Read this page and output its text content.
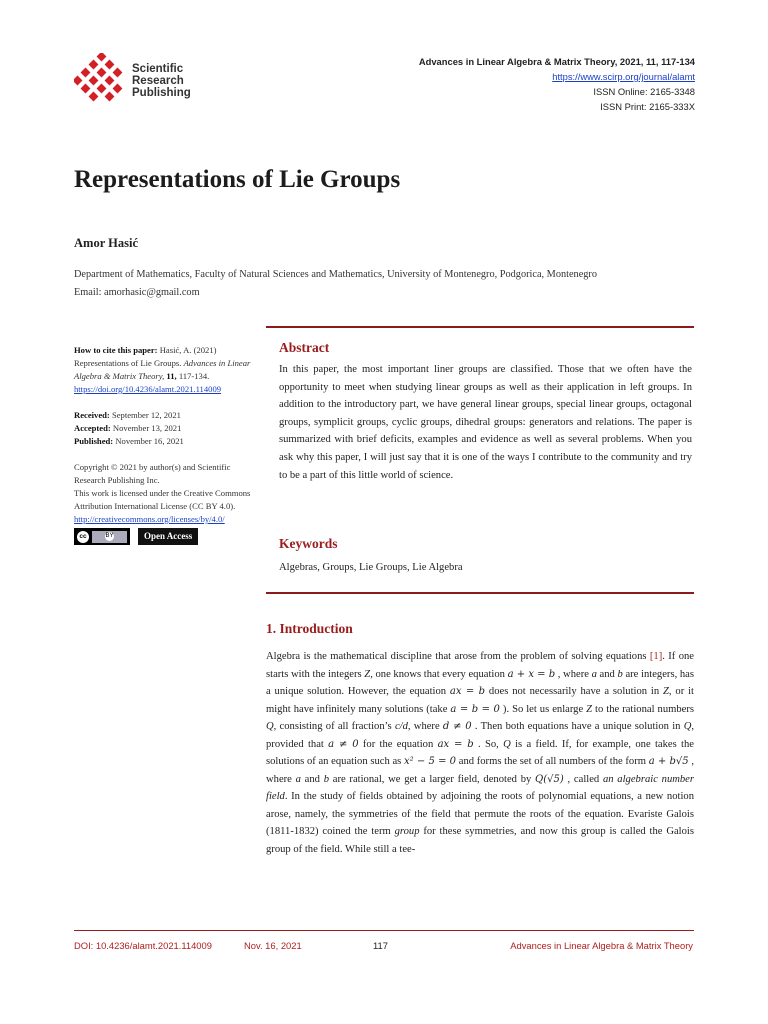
Scientific
Research
Publishing
Advances in Linear Algebra & Matrix Theory, 2021, 11, 117-134
https://www.scirp.org/journal/alamt
ISSN Online: 2165-3348
ISSN Print: 2165-333X
Representations of Lie Groups
Amor Hasić
Department of Mathematics, Faculty of Natural Sciences and Mathematics, University of Montenegro, Podgorica, Montenegro
Email: amorhasic@gmail.com
How to cite this paper: Hasić, A. (2021) Representations of Lie Groups. Advances in Linear Algebra & Matrix Theory, 11, 117-134.
https://doi.org/10.4236/alamt.2021.114009
Received: September 12, 2021
Accepted: November 13, 2021
Published: November 16, 2021
Copyright © 2021 by author(s) and Scientific Research Publishing Inc.
This work is licensed under the Creative Commons Attribution International License (CC BY 4.0).
http://creativecommons.org/licenses/by/4.0/
cc	BY	Open Access
Abstract
In this paper, the most important liner groups are classified. Those that we often have the opportunity to meet when studying linear groups as well as their application in left groups. In addition to the introductory part, we have general linear groups, special linear groups, octagonal groups, symplicit groups, cyclic groups, dihedral groups: generators and relations. The paper is summarized with brief deficits, examples and evidence as well as several problems. When you ask why this paper, I will just say that it is one of the ways I contribute to the community and try to be a part of this little world of science.
Keywords
Algebras, Groups, Lie Groups, Lie Algebra
1. Introduction

Algebra is the mathematical discipline that arose from the problem of solving equations [1]. If one starts with the integers Z, one knows that every equation a + x = b , where a and b are integers, has a unique solution. However, the equation ax = b does not necessarily have a solution in Z, or it might have infinitely many solutions (take a = b = 0 ). So let us enlarge Z to the rational numbers Q, consisting of all fraction’s c/d, where d ≠ 0 . Then both equations have a unique solution in Q, provided that a ≠ 0 for the equation ax = b . So, Q is a field. If, for example, one takes the solutions of an equation such as x² − 5 = 0 and forms the set of all numbers of the form a + b√5 , where a and b are rational, we get a larger field, denoted by Q(√5) , called an algebraic number field. In the study of fields obtained by adjoining the roots of polynomial equations, a new notion arose, namely, the symmetries of the field that permute the roots of the equation. Evariste Galois (1811-1832) coined the term group for these symmetries, and now this group is called the Galois group of the field. While still a tee-

DOI: 10.4236/alamt.2021.114009	Nov. 16, 2021	117	Advances in Linear Algebra & Matrix Theory
